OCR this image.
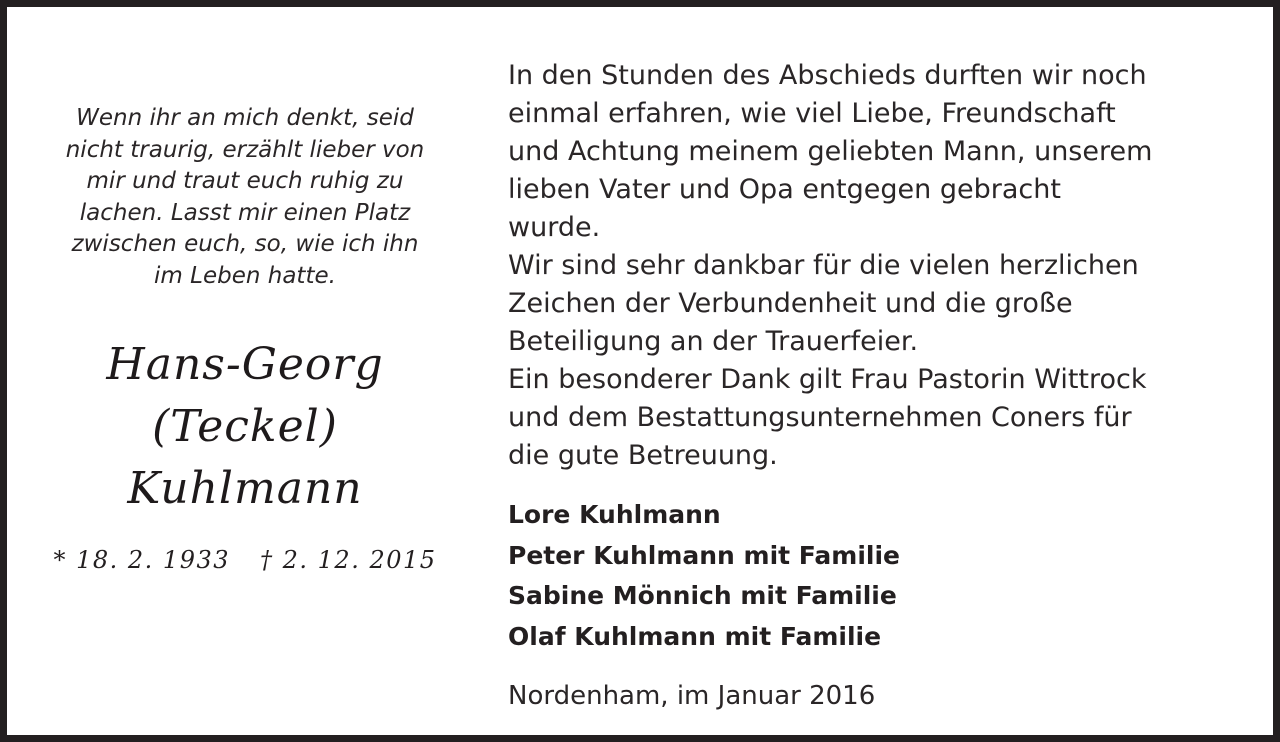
Wenn ihr an mich denkt, seid
nicht traurig, erzählt lieber von
mir und traut euch ruhig zu
lachen. Lasst mir einen Platz
zwischen euch, so, wie ich ihn
im Leben hatte.
Hans-Georg
(Teckel)
Kuhlmann
* 18. 2. 1933 † 2. 12. 2015
In den Stunden des Abschieds durften wir noch
einmal erfahren, wie viel Liebe, Freundschaft
und Achtung meinem geliebten Mann, unserem
lieben Vater und Opa entgegen gebracht
wurde.
Wir sind sehr dankbar für die vielen herzlichen
Zeichen der Verbundenheit und die große
Beteiligung an der Trauerfeier.
Ein besonderer Dank gilt Frau Pastorin Wittrock
und dem Bestattungsunternehmen Coners für
die gute Betreuung.
Lore Kuhlmann
Peter Kuhlmann mit Familie
Sabine Mönnich mit Familie
Olaf Kuhlmann mit Familie
Nordenham, im Januar 2016
